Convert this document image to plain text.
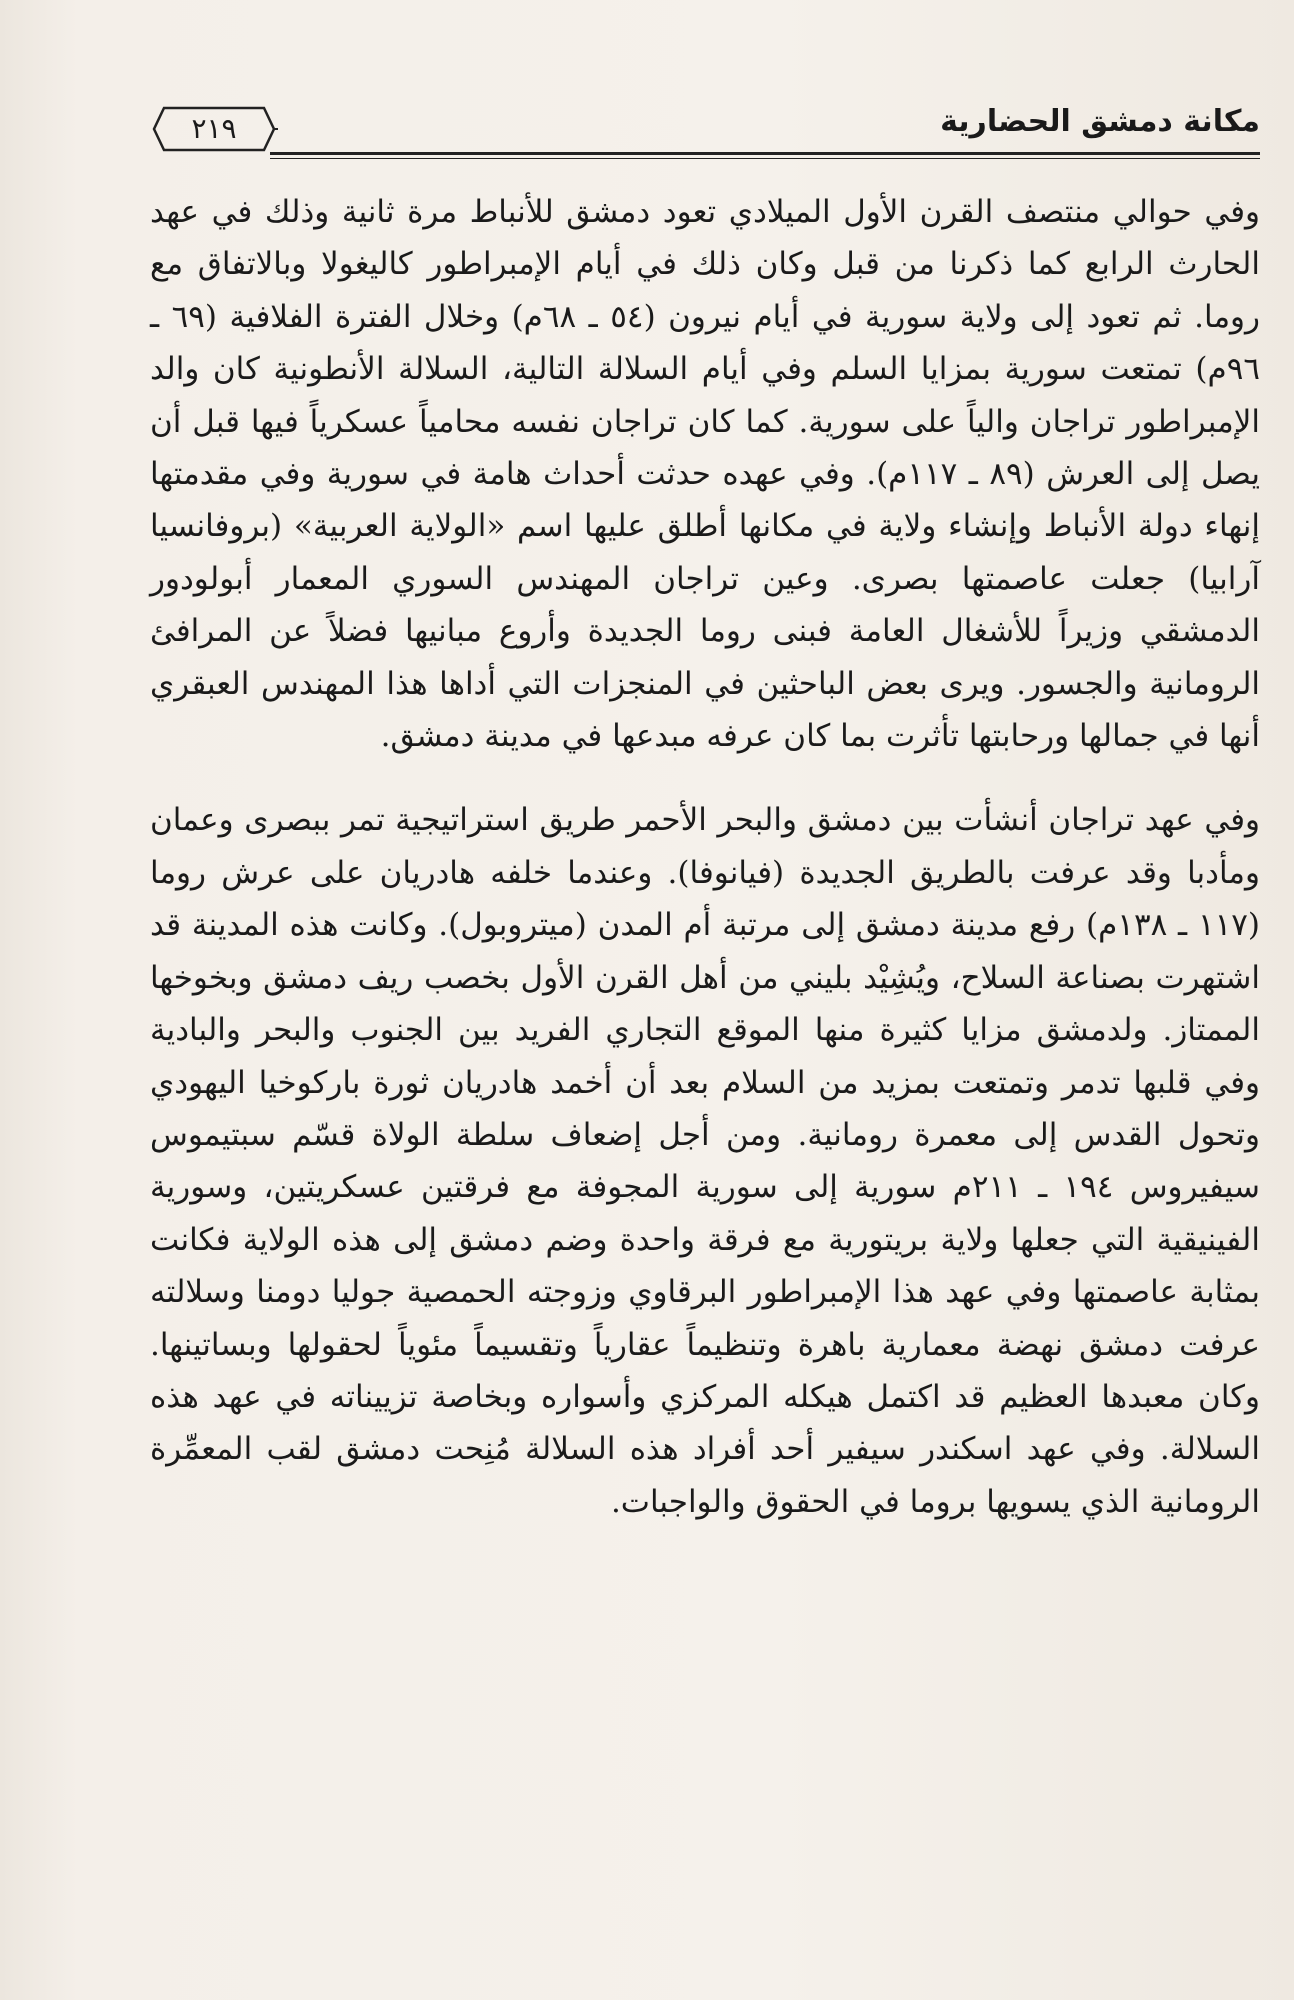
مكانة دمشق الحضارية
٢١٩

وفي حوالي منتصف القرن الأول الميلادي تعود دمشق للأنباط مرة ثانية وذلك في عهد الحارث الرابع كما ذكرنا من قبل وكان ذلك في أيام الإمبراطور كاليغولا وبالاتفاق مع روما. ثم تعود إلى ولاية سورية في أيام نيرون (٥٤ ـ ٦٨م) وخلال الفترة الفلافية (٦٩ ـ ٩٦م) تمتعت سورية بمزايا السلم وفي أيام السلالة التالية، السلالة الأنطونية كان والد الإمبراطور تراجان والياً على سورية. كما كان تراجان نفسه محامياً عسكرياً فيها قبل أن يصل إلى العرش (٨٩ ـ ١١٧م). وفي عهده حدثت أحداث هامة في سورية وفي مقدمتها إنهاء دولة الأنباط وإنشاء ولاية في مكانها أطلق عليها اسم «الولاية العربية» (بروفانسيا آرابيا) جعلت عاصمتها بصرى. وعين تراجان المهندس السوري المعمار أبولودور الدمشقي وزيراً للأشغال العامة فبنى روما الجديدة وأروع مبانيها فضلاً عن المرافئ الرومانية والجسور. ويرى بعض الباحثين في المنجزات التي أداها هذا المهندس العبقري أنها في جمالها ورحابتها تأثرت بما كان عرفه مبدعها في مدينة دمشق.

وفي عهد تراجان أنشأت بين دمشق والبحر الأحمر طريق استراتيجية تمر ببصرى وعمان ومأدبا وقد عرفت بالطريق الجديدة (فيانوفا). وعندما خلفه هادريان على عرش روما (١١٧ ـ ١٣٨م) رفع مدينة دمشق إلى مرتبة أم المدن (ميتروبول). وكانت هذه المدينة قد اشتهرت بصناعة السلاح، ويُشِيْد بليني من أهل القرن الأول بخصب ريف دمشق وبخوخها الممتاز. ولدمشق مزايا كثيرة منها الموقع التجاري الفريد بين الجنوب والبحر والبادية وفي قلبها تدمر وتمتعت بمزيد من السلام بعد أن أخمد هادريان ثورة باركوخيا اليهودي وتحول القدس إلى معمرة رومانية. ومن أجل إضعاف سلطة الولاة قسّم سبتيموس سيفيروس ١٩٤ ـ ٢١١م سورية إلى سورية المجوفة مع فرقتين عسكريتين، وسورية الفينيقية التي جعلها ولاية بريتورية مع فرقة واحدة وضم دمشق إلى هذه الولاية فكانت بمثابة عاصمتها وفي عهد هذا الإمبراطور البرقاوي وزوجته الحمصية جوليا دومنا وسلالته عرفت دمشق نهضة معمارية باهرة وتنظيماً عقارياً وتقسيماً مئوياً لحقولها وبساتينها. وكان معبدها العظيم قد اكتمل هيكله المركزي وأسواره وبخاصة تزييناته في عهد هذه السلالة. وفي عهد اسكندر سيفير أحد أفراد هذه السلالة مُنِحت دمشق لقب المعمِّرة الرومانية الذي يسويها بروما في الحقوق والواجبات.
